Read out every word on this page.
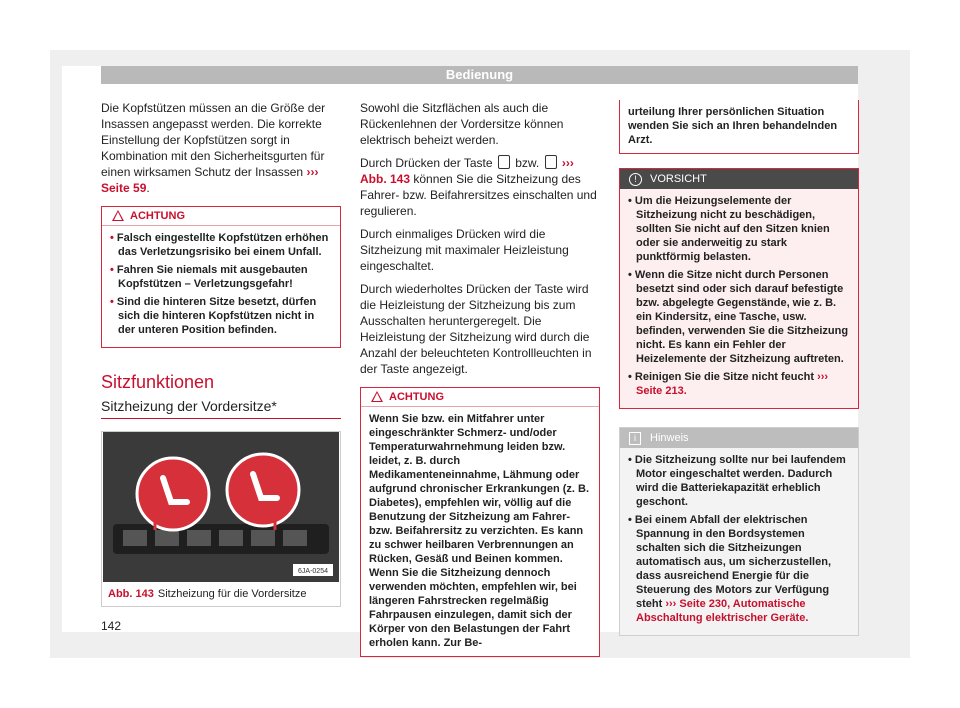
Bedienung

Die Kopfstützen müssen an die Größe der Insassen angepasst werden. Die korrekte Einstellung der Kopfstützen sorgt in Kombination mit den Sicherheitsgurten für einen wirksamen Schutz der Insassen ››› Seite 59.

ACHTUNG
• Falsch eingestellte Kopfstützen erhöhen das Verletzungsrisiko bei einem Unfall.
• Fahren Sie niemals mit ausgebauten Kopfstützen – Verletzungsgefahr!
• Sind die hinteren Sitze besetzt, dürfen sich die hinteren Kopfstützen nicht in der unteren Position befinden.
Sitzfunktionen
Sitzheizung der Vordersitze*
6JA-0254
Abb. 143 Sitzheizung für die Vordersitze

Sowohl die Sitzflächen als auch die Rückenlehnen der Vordersitze können elektrisch beheizt werden.

Durch Drücken der Taste bzw. ››› Abb. 143 können Sie die Sitzheizung des Fahrer- bzw. Beifahrersitzes einschalten und regulieren.

Durch einmaliges Drücken wird die Sitzheizung mit maximaler Heizleistung eingeschaltet.

Durch wiederholtes Drücken der Taste wird die Heizleistung der Sitzheizung bis zum Ausschalten heruntergeregelt. Die Heizleistung der Sitzheizung wird durch die Anzahl der beleuchteten Kontrollleuchten in der Taste angezeigt.

ACHTUNG
Wenn Sie bzw. ein Mitfahrer unter eingeschränkter Schmerz- und/oder Temperaturwahrnehmung leiden bzw. leidet, z. B. durch Medikamenteneinnahme, Lähmung oder aufgrund chronischer Erkrankungen (z. B. Diabetes), empfehlen wir, völlig auf die Benutzung der Sitzheizung am Fahrer- bzw. Beifahrersitz zu verzichten. Es kann zu schwer heilbaren Verbrennungen an Rücken, Gesäß und Beinen kommen. Wenn Sie die Sitzheizung dennoch verwenden möchten, empfehlen wir, bei längeren Fahrstrecken regelmäßig Fahrpausen einzulegen, damit sich der Körper von den Belastungen der Fahrt erholen kann. Zur Be-
urteilung Ihrer persönlichen Situation wenden Sie sich an Ihren behandelnden Arzt.
!	VORSICHT
• Um die Heizungselemente der Sitzheizung nicht zu beschädigen, sollten Sie nicht auf den Sitzen knien oder sie anderweitig zu stark punktförmig belasten.
• Wenn die Sitze nicht durch Personen besetzt sind oder sich darauf befestigte bzw. abgelegte Gegenstände, wie z. B. ein Kindersitz, eine Tasche, usw. befinden, verwenden Sie die Sitzheizung nicht. Es kann ein Fehler der Heizelemente der Sitzheizung auftreten.
• Reinigen Sie die Sitze nicht feucht ››› Seite 213.
i	Hinweis
• Die Sitzheizung sollte nur bei laufendem Motor eingeschaltet werden. Dadurch wird die Batteriekapazität erheblich geschont.
• Bei einem Abfall der elektrischen Spannung in den Bordsystemen schalten sich die Sitzheizungen automatisch aus, um sicherzustellen, dass ausreichend Energie für die Steuerung des Motors zur Verfügung steht ››› Seite 230, Automatische Abschaltung elektrischer Geräte.
142
